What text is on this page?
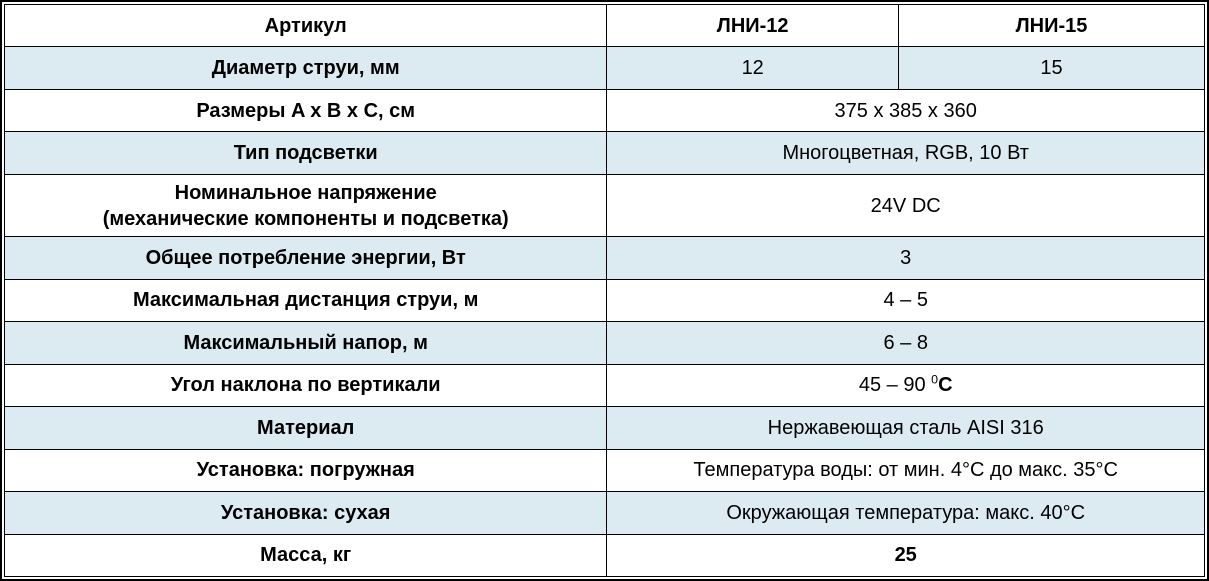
Артикул	ЛНИ-12	ЛНИ-15
Диаметр струи, мм	12	15
Размеры A x B x C, см	375 x 385 x 360	
Тип подсветки	Многоцветная, RGB, 10 Вт	

Номинальное напряжение
(механические компоненты и подсветка)	24V DC	
Общее потребление энергии, Вт	3	
Максимальная дистанция струи, м	4 – 5	
Максимальный напор, м	6 – 8	
Угол наклона по вертикали	45 – 90 $^0$С	
Материал	Нержавеющая сталь AISI 316	
Установка: погружная	Температура воды: от мин. 4°С до макс. 35°С	
Установка: сухая	Окружающая температура: макс. 40°С	
Масса, кг	25	
